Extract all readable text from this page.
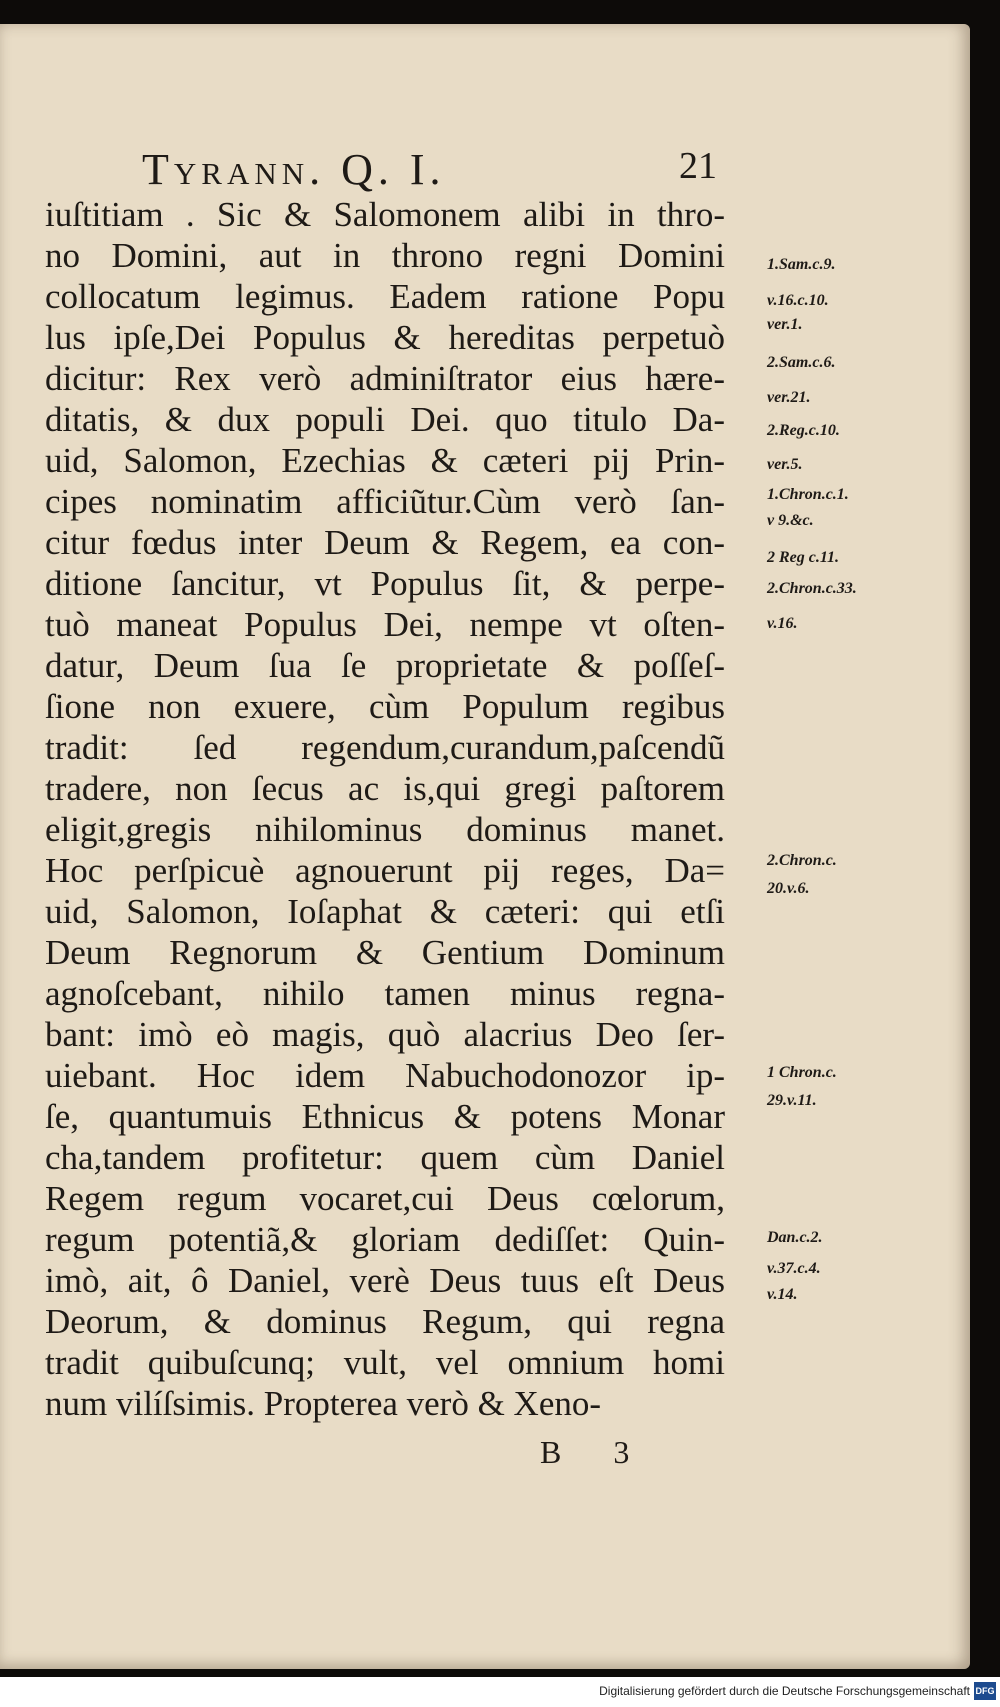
Tyrann. Q. I.	21
iuſtitiam . Sic & Salomonem alibi in thro-
no Domini, aut in throno regni Domini
collocatum legimus. Eadem ratione Popu
lus ipſe,Dei Populus & hereditas perpetuò
dicitur: Rex verò adminiſtrator eius hære-
ditatis, & dux populi Dei. quo titulo Da-
uid, Salomon, Ezechias & cæteri pij Prin-
cipes nominatim afficiũtur.Cùm verò ſan-
citur fœdus inter Deum & Regem, ea con-
ditione ſancitur, vt Populus ſit, & perpe-
tuò maneat Populus Dei, nempe vt oſten-
datur, Deum ſua ſe proprietate & poſſeſ-
ſione non exuere, cùm Populum regibus
tradit: ſed regendum,curandum,paſcendũ
tradere, non ſecus ac is,qui gregi paſtorem
eligit,gregis nihilominus dominus manet.
Hoc perſpicuè agnouerunt pij reges, Da=
uid, Salomon, Ioſaphat & cæteri: qui etſi
Deum Regnorum & Gentium Dominum
agnoſcebant, nihilo tamen minus regna-
bant: imò eò magis, quò alacrius Deo ſer-
uiebant. Hoc idem Nabuchodonozor ip-
ſe, quantumuis Ethnicus & potens Monar
cha,tandem profitetur: quem cùm Daniel
Regem regum vocaret,cui Deus cœlorum,
regum potentiã,& gloriam dediſſet: Quin-
imò, ait, ô Daniel, verè Deus tuus eſt Deus
Deorum, & dominus Regum, qui regna
tradit quibuſcunq; vult, vel omnium homi
num vilíſsimis. Propterea verò & Xeno-
1.Sam.c.9.
v.16.c.10.
ver.1.
2.Sam.c.6.
ver.21.
2.Reg.c.10.
ver.5.
1.Chron.c.1.
v 9.&c.
2 Reg c.11.
2.Chron.c.33.
v.16.
2.Chron.c.
20.v.6.
1 Chron.c.
29.v.11.
Dan.c.2.
v.37.c.4.
v.14.
B 3
Digitalisierung gefördert durch die Deutsche Forschungsgemeinschaft DFG
